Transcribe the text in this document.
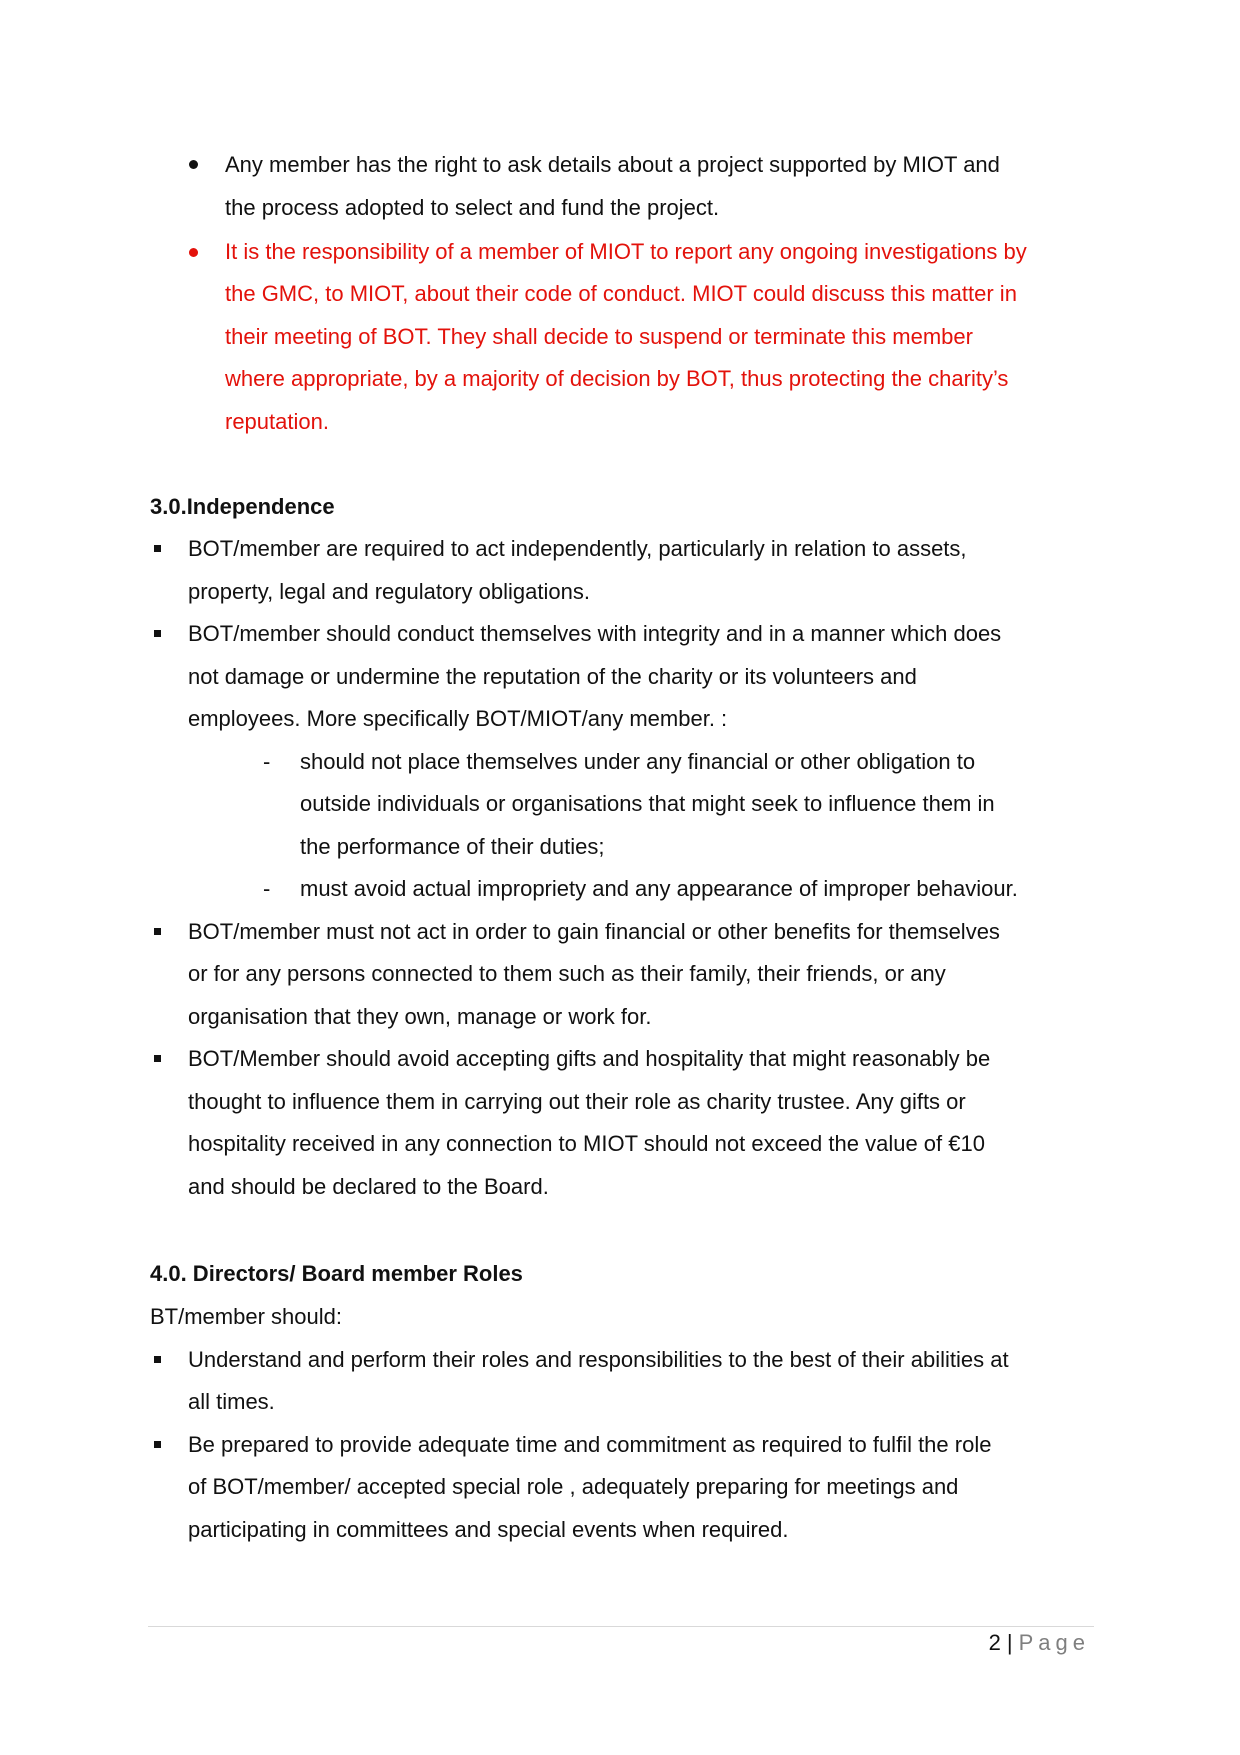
Any member has the right to ask details about a project supported by MIOT and
the process adopted to select and fund the project.
It is the responsibility of a member of MIOT to report any ongoing investigations by
the GMC, to MIOT, about their code of conduct. MIOT could discuss this matter in
their meeting of BOT. They shall decide to suspend or terminate this member
where appropriate, by a majority of decision by BOT, thus protecting the charity’s
reputation.
3.0.Independence
BOT/member are required to act independently, particularly in relation to assets,
property, legal and regulatory obligations.
BOT/member should conduct themselves with integrity and in a manner which does
not damage or undermine the reputation of the charity or its volunteers and
employees. More specifically BOT/MIOT/any member. :
- should not place themselves under any financial or other obligation to
outside individuals or organisations that might seek to influence them in
the performance of their duties;
- must avoid actual impropriety and any appearance of improper behaviour.
BOT/member must not act in order to gain financial or other benefits for themselves
or for any persons connected to them such as their family, their friends, or any
organisation that they own, manage or work for.
BOT/Member should avoid accepting gifts and hospitality that might reasonably be
thought to influence them in carrying out their role as charity trustee. Any gifts or
hospitality received in any connection to MIOT should not exceed the value of €10
and should be declared to the Board.
4.0. Directors/ Board member Roles
BT/member should:
Understand and perform their roles and responsibilities to the best of their abilities at
all times.
Be prepared to provide adequate time and commitment as required to fulfil the role
of BOT/member/ accepted special role , adequately preparing for meetings and
participating in committees and special events when required.
2 | Page
